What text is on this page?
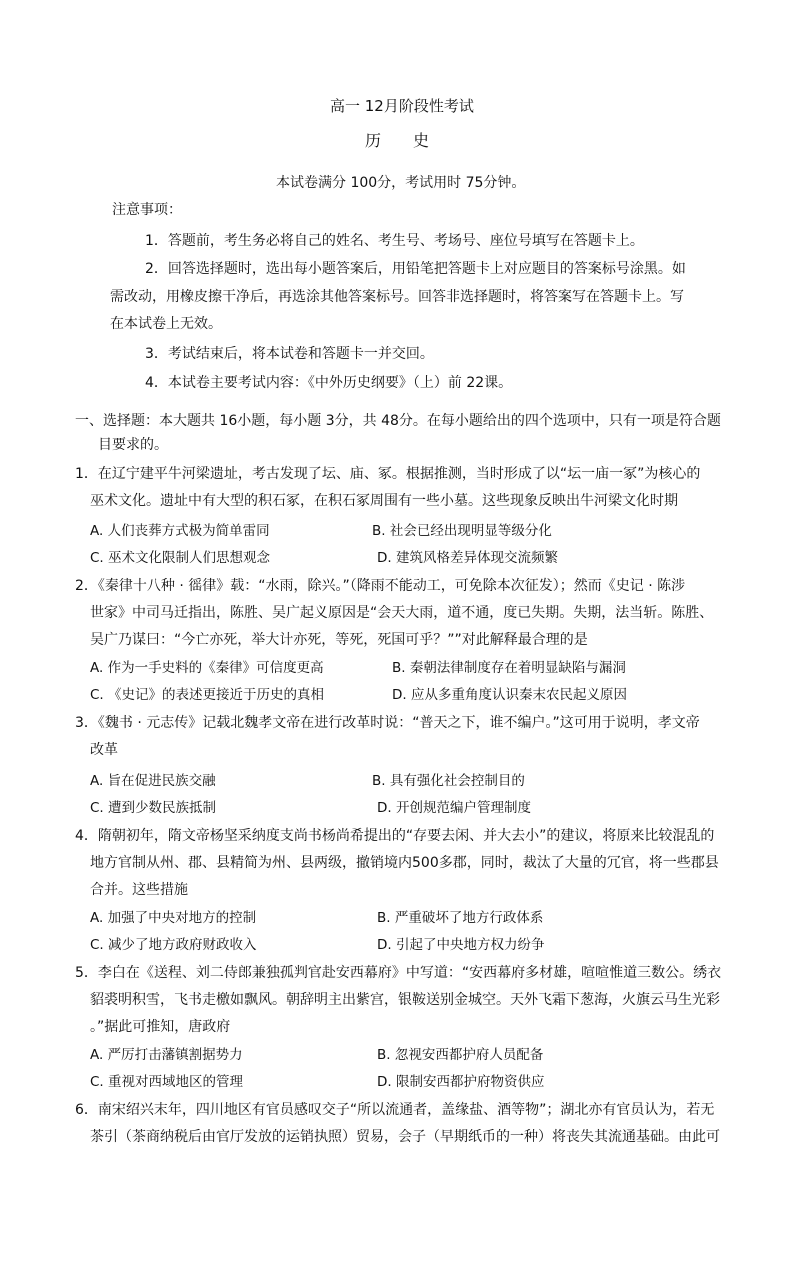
高一 12月阶段性考试
历　　史
本试卷满分 100分，考试用时 75分钟。
注意事项：
1．答题前，考生务必将自己的姓名、考生号、考场号、座位号填写在答题卡上。
2．回答选择题时，选出每小题答案后，用铅笔把答题卡上对应题目的答案标号涂黑。如
需改动，用橡皮擦干净后，再选涂其他答案标号。回答非选择题时，将答案写在答题卡上。写
在本试卷上无效。
3．考试结束后，将本试卷和答题卡一并交回。
4．本试卷主要考试内容：《中外历史纲要》（上）前 22课。
一、选择题：本大题共 16小题，每小题 3分，共 48分。在每小题给出的四个选项中，只有一项是符合题
目要求的。
1．在辽宁建平牛河梁遗址，考古发现了坛、庙、冢。根据推测，当时形成了以“坛一庙一冢”为核心的
巫术文化。遗址中有大型的积石冢，在积石冢周围有一些小墓。这些现象反映出牛河梁文化时期
A. 人们丧葬方式极为简单雷同	B. 社会已经出现明显等级分化
C. 巫术文化限制人们思想观念	D. 建筑风格差异体现交流频繁
2．《秦律十八种 · 徭律》载：“水雨，除兴。”（降雨不能动工，可免除本次征发）；然而《史记 · 陈涉
世家》中司马迁指出，陈胜、吴广起义原因是“会天大雨，道不通，度已失期。失期，法当斩。陈胜、
吴广乃谋曰：“今亡亦死，举大计亦死，等死，死国可乎？””对此解释最合理的是
A. 作为一手史料的《秦律》可信度更高	B. 秦朝法律制度存在着明显缺陷与漏洞
C. 《史记》的表述更接近于历史的真相	D. 应从多重角度认识秦末农民起义原因
3．《魏书 · 元志传》记载北魏孝文帝在进行改革时说：“普天之下，谁不编户。”这可用于说明，孝文帝
改革
A. 旨在促进民族交融	B. 具有强化社会控制目的
C. 遭到少数民族抵制	D. 开创规范编户管理制度
4．隋朝初年，隋文帝杨坚采纳度支尚书杨尚希提出的“存要去闲、并大去小”的建议，将原来比较混乱的
地方官制从州、郡、县精简为州、县两级，撤销境内500多郡，同时，裁汰了大量的冗官，将一些郡县
合并。这些措施
A. 加强了中央对地方的控制	B. 严重破坏了地方行政体系
C. 减少了地方政府财政收入	D. 引起了中央地方权力纷争
5．李白在《送程、刘二侍郎兼独孤判官赴安西幕府》中写道：“安西幕府多材雄，喧喧惟道三数公。绣衣
貂裘明积雪，飞书走檄如飘风。朝辞明主出紫宫，银鞍送别金城空。天外飞霜下葱海，火旗云马生光彩
。”据此可推知，唐政府
A. 严厉打击藩镇割据势力	B. 忽视安西都护府人员配备
C. 重视对西域地区的管理	D. 限制安西都护府物资供应
6．南宋绍兴末年，四川地区有官员感叹交子“所以流通者，盖缘盐、酒等物”；湖北亦有官员认为，若无
茶引（茶商纳税后由官厅发放的运销执照）贸易，会子（早期纸币的一种）将丧失其流通基础。由此可
